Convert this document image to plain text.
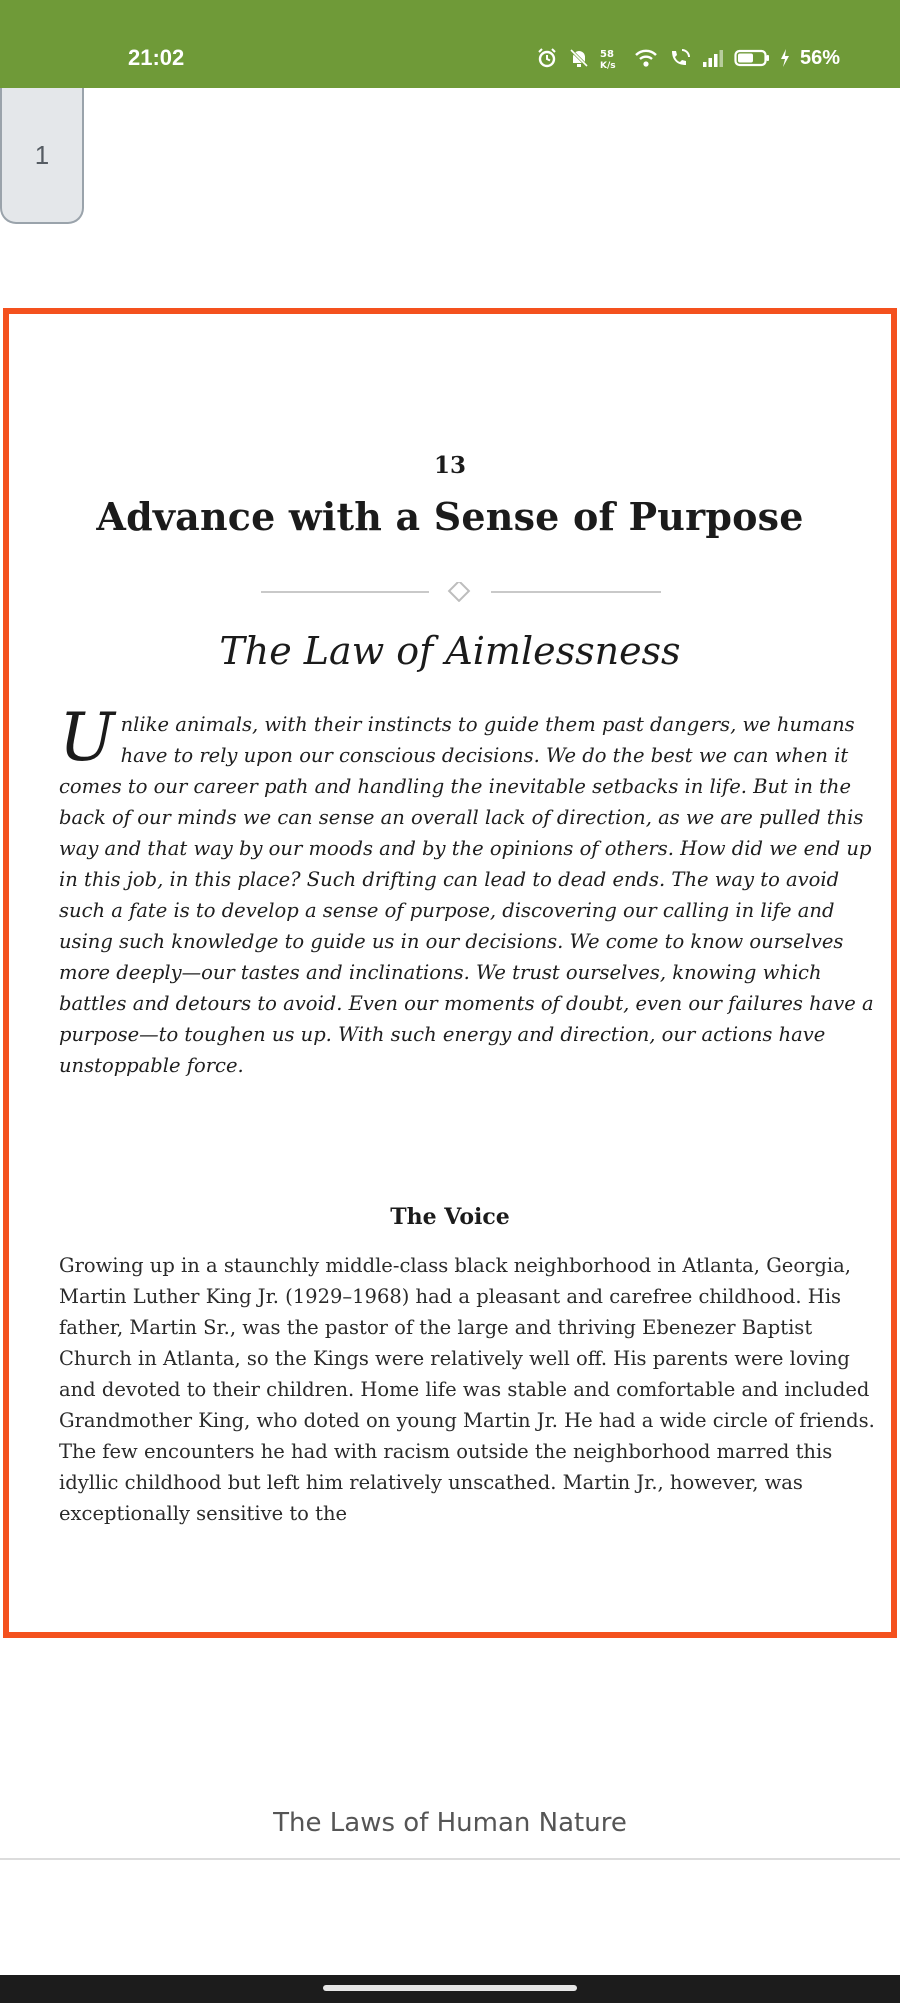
21:02	58
K/s	56%
1
13
Advance with a Sense of Purpose
The Law of Aimlessness

Unlike animals, with their instincts to guide them past dangers, we humans have to rely upon our conscious decisions. We do the best we can when it comes to our career path and handling the inevitable setbacks in life. But in the back of our minds we can sense an overall lack of direction, as we are pulled this way and that way by our moods and by the opinions of others. How did we end up in this job, in this place? Such drifting can lead to dead ends. The way to avoid such a fate is to develop a sense of purpose, discovering our calling in life and using such knowledge to guide us in our decisions. We come to know ourselves more deeply—our tastes and inclinations. We trust ourselves, knowing which battles and detours to avoid. Even our moments of doubt, even our failures have a purpose—to toughen us up. With such energy and direction, our actions have unstoppable force.

The Voice

Growing up in a staunchly middle-class black neighborhood in Atlanta, Georgia, Martin Luther King Jr. (1929–1968) had a pleasant and carefree childhood. His father, Martin Sr., was the pastor of the large and thriving Ebenezer Baptist Church in Atlanta, so the Kings were relatively well off. His parents were loving and devoted to their children. Home life was stable and comfortable and included Grandmother King, who doted on young Martin Jr. He had a wide circle of friends. The few encounters he had with racism outside the neighborhood marred this idyllic childhood but left him relatively unscathed. Martin Jr., however, was exceptionally sensitive to the

The Laws of Human Nature
